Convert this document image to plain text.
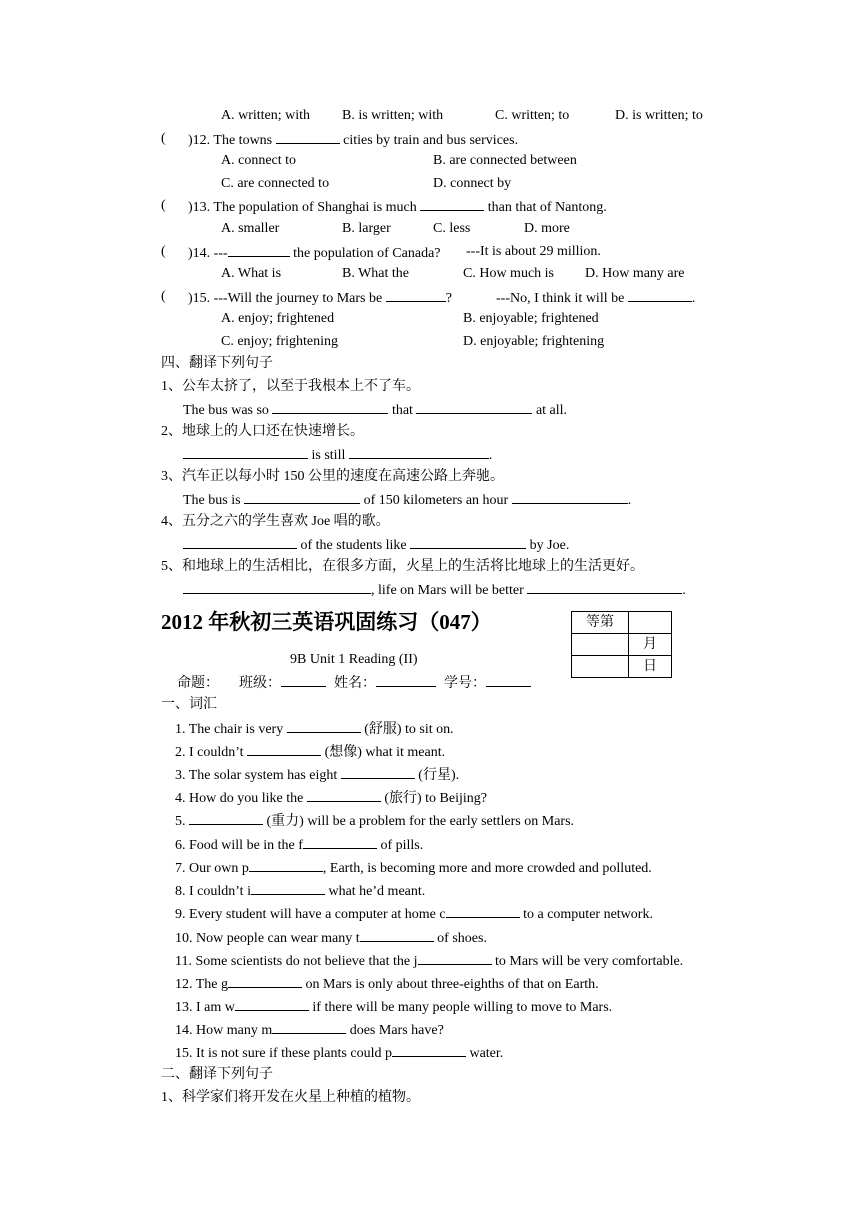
A. written; with B. is written; with	C. written; to	D. is written; to
( )12. The towns	cities by train and bus services.
A. connect to	B. are connected between
C. are connected to	D. connect by
( )13. The population of Shanghai is much	than that of Nantong.
A. smaller	B. larger	C. less	D. more
( )14. ---	the population of Canada? ---It is about 29 million.
A. What is	B. What the	C. How much is D. How many are
( )15. ---Will the journey to Mars be	?	---No, I think it will be	.
A. enjoy; frightened	B. enjoyable; frightened
C. enjoy; frightening	D. enjoyable; frightening
四、翻译下列句子
1、公车太挤了，以至于我根本上不了车。
The bus was so	that	at all.
2、地球上的人口还在快速增长。
is still	.
3、汽车正以每小时 150 公里的速度在高速公路上奔驰。
The bus is	of 150 kilometers an hour	.
4、五分之六的学生喜欢 Joe 唱的歌。
of the students like	by Joe.
5、和地球上的生活相比，在很多方面，火星上的生活将比地球上的生活更好。
, life on Mars will be better	.
2012 年秋初三英语巩固练习（047）	等第	
	月
	日
9B Unit 1 Reading (II)
命题： 班级：	姓名：	学号：
一、词汇
1. The chair is very	(舒服) to sit on.
2. I couldn’t	(想像) what it meant.
3. The solar system has eight	(行星).
4. How do you like the	(旅行) to Beijing?
5.	(重力) will be a problem for the early settlers on Mars.
6. Food will be in the f	of pills.
7. Our own p	, Earth, is becoming more and more crowded and polluted.
8. I couldn’t i	what he’d meant.
9. Every student will have a computer at home c	to a computer network.
10. Now people can wear many t	of shoes.
11. Some scientists do not believe that the j	to Mars will be very comfortable.
12. The g	on Mars is only about three-eighths of that on Earth.
13. I am w	if there will be many people willing to move to Mars.
14. How many m	does Mars have?
15. It is not sure if these plants could p	water.
二、翻译下列句子
1、科学家们将开发在火星上种植的植物。
